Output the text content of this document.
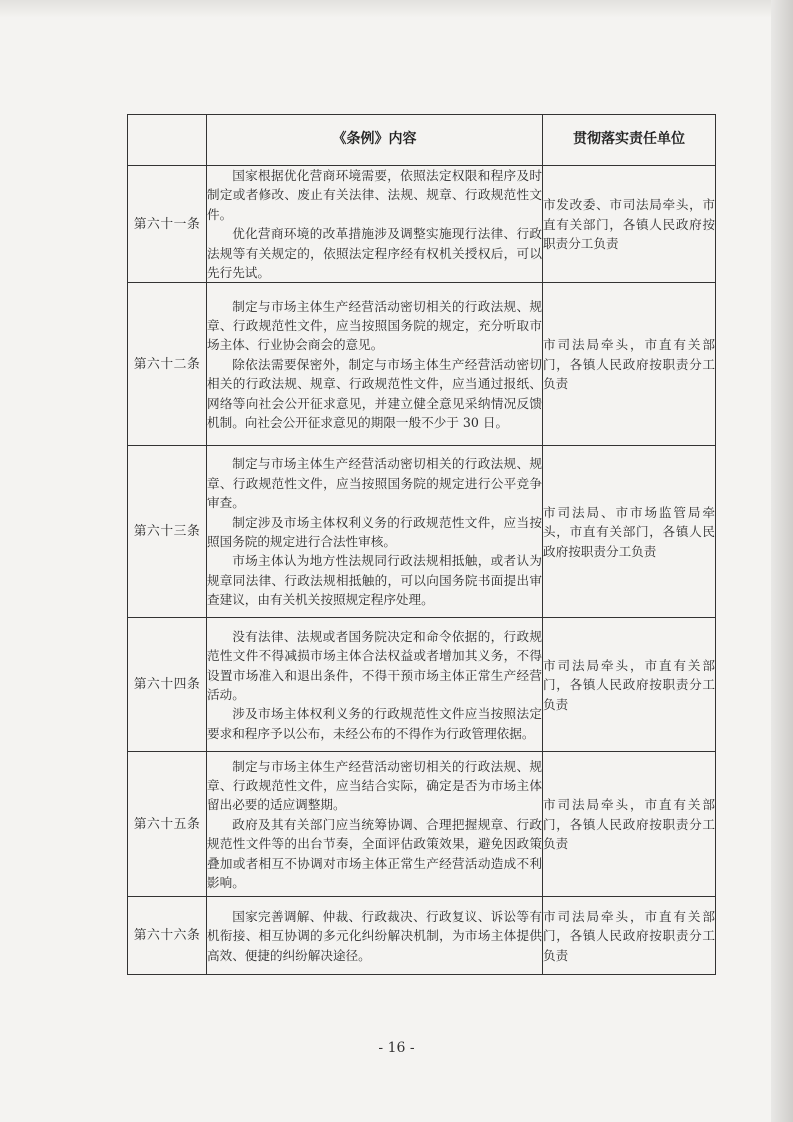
	《条例》内容	贯彻落实责任单位
第六十一条	国家根据优化营商环境需要，依照法定权限和程序及时制定或者修改、废止有关法律、法规、规章、行政规范性文件。

优化营商环境的改革措施涉及调整实施现行法律、行政法规等有关规定的，依照法定程序经有权机关授权后，可以先行先试。	市发改委、市司法局牵头，市直有关部门，各镇人民政府按职责分工负责
第六十二条	制定与市场主体生产经营活动密切相关的行政法规、规章、行政规范性文件，应当按照国务院的规定，充分听取市场主体、行业协会商会的意见。

除依法需要保密外，制定与市场主体生产经营活动密切相关的行政法规、规章、行政规范性文件，应当通过报纸、网络等向社会公开征求意见，并建立健全意见采纳情况反馈机制。向社会公开征求意见的期限一般不少于 30 日。	市司法局牵头，市直有关部门，各镇人民政府按职责分工负责
第六十三条	制定与市场主体生产经营活动密切相关的行政法规、规章、行政规范性文件，应当按照国务院的规定进行公平竞争审查。

制定涉及市场主体权利义务的行政规范性文件，应当按照国务院的规定进行合法性审核。

市场主体认为地方性法规同行政法规相抵触，或者认为规章同法律、行政法规相抵触的，可以向国务院书面提出审查建议，由有关机关按照规定程序处理。	市司法局、市市场监管局牵头，市直有关部门，各镇人民政府按职责分工负责
第六十四条	没有法律、法规或者国务院决定和命令依据的，行政规范性文件不得减损市场主体合法权益或者增加其义务，不得设置市场准入和退出条件，不得干预市场主体正常生产经营活动。

涉及市场主体权利义务的行政规范性文件应当按照法定要求和程序予以公布，未经公布的不得作为行政管理依据。	市司法局牵头，市直有关部门，各镇人民政府按职责分工负责
第六十五条	制定与市场主体生产经营活动密切相关的行政法规、规章、行政规范性文件，应当结合实际，确定是否为市场主体留出必要的适应调整期。

政府及其有关部门应当统筹协调、合理把握规章、行政规范性文件等的出台节奏，全面评估政策效果，避免因政策叠加或者相互不协调对市场主体正常生产经营活动造成不利影响。	市司法局牵头，市直有关部门，各镇人民政府按职责分工负责
第六十六条	国家完善调解、仲裁、行政裁决、行政复议、诉讼等有机衔接、相互协调的多元化纠纷解决机制，为市场主体提供高效、便捷的纠纷解决途径。	市司法局牵头，市直有关部门，各镇人民政府按职责分工负责
- 16 -
